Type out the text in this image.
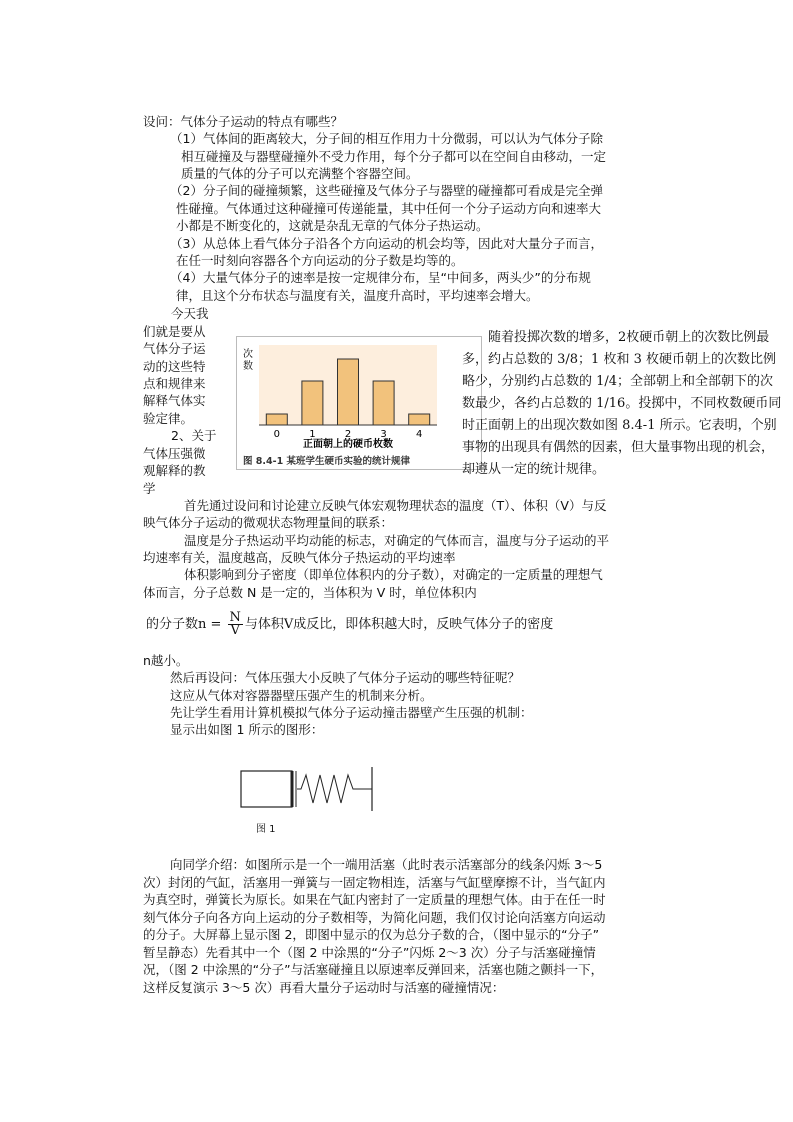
设问：气体分子运动的特点有哪些？
（1）气体间的距离较大，分子间的相互作用力十分微弱，可以认为气体分子除
相互碰撞及与器壁碰撞外不受力作用，每个分子都可以在空间自由移动，一定
质量的气体的分子可以充满整个容器空间。
（2）分子间的碰撞频繁，这些碰撞及气体分子与器壁的碰撞都可看成是完全弹
性碰撞。气体通过这种碰撞可传递能量，其中任何一个分子运动方向和速率大
小都是不断变化的，这就是杂乱无章的气体分子热运动。
（3）从总体上看气体分子沿各个方向运动的机会均等，因此对大量分子而言，
在任一时刻向容器各个方向运动的分子数是均等的。
（4）大量气体分子的速率是按一定规律分布，呈“中间多，两头少”的分布规
律，且这个分布状态与温度有关，温度升高时，平均速率会增大。
今天我
们就是要从
气体分子运
动的这些特
点和规律来
解释气体实
验定律。
2、关于
气体压强微
观解释的教
学
次
数
0	1	2	3	4
正面朝上的硬币枚数
图 8.4-1 某班学生硬币实验的统计规律
随着投掷次数的增多，2枚硬币朝上的次数比例最
多，约占总数的 3/8；1 枚和 3 枚硬币朝上的次数比例
略少，分别约占总数的 1/4；全部朝上和全部朝下的次
数最少，各约占总数的 1/16。投掷中，不同枚数硬币同
时正面朝上的出现次数如图 8.4-1 所示。它表明，个别
事物的出现具有偶然的因素，但大量事物出现的机会，
却遵从一定的统计规律。
首先通过设问和讨论建立反映气体宏观物理状态的温度（T）、体积（V）与反
映气体分子运动的微观状态物理量间的联系：
温度是分子热运动平均动能的标志，对确定的气体而言，温度与分子运动的平
均速率有关，温度越高，反映气体分子热运动的平均速率
体积影响到分子密度（即单位体积内的分子数），对确定的一定质量的理想气
体而言，分子总数 N 是一定的，当体积为 V 时，单位体积内
的分子数$n = \frac{N}{V}$ 与体积V成反比，即体积越大时，反映气体分子的密度
n越小。
然后再设问：气体压强大小反映了气体分子运动的哪些特征呢？
这应从气体对容器器壁压强产生的机制来分析。
先让学生看用计算机模拟气体分子运动撞击器壁产生压强的机制：
显示出如图 1 所示的图形：
图 1
向同学介绍：如图所示是一个一端用活塞（此时表示活塞部分的线条闪烁 3～5
次）封闭的气缸，活塞用一弹簧与一固定物相连，活塞与气缸壁摩擦不计，当气缸内
为真空时，弹簧长为原长。如果在气缸内密封了一定质量的理想气体。由于在任一时
刻气体分子向各方向上运动的分子数相等，为简化问题，我们仅讨论向活塞方向运动
的分子。大屏幕上显示图 2，即图中显示的仅为总分子数的合，（图中显示的“分子”
暂呈静态）先看其中一个（图 2 中涂黑的“分子”闪烁 2～3 次）分子与活塞碰撞情
况，（图 2 中涂黑的“分子”与活塞碰撞且以原速率反弹回来，活塞也随之颤抖一下，
这样反复演示 3～5 次）再看大量分子运动时与活塞的碰撞情况：
